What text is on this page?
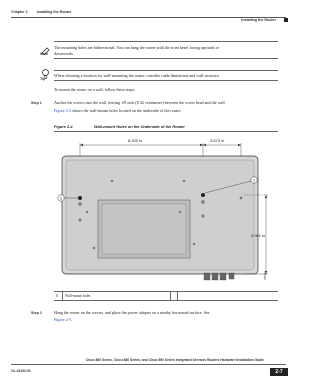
Chapter 2	Installing the Router
Installing the Router
Note
The mounting holes are bidirectional. You can hang the router with the front bezel facing upwards or
downwards.
Tip
When choosing a location for wall-mounting the router, consider cable limitations and wall structure.
To mount the router on a wall, follow these steps:
Step 1	Anchor the screws into the wall, leaving 1/8 inch (0.32 centimeter) between the screw head and the wall.
Figure 2-4 shows the wall-mount holes located on the underside of the router.
Figure 2-4	Wall-mount Holes on the Underside of the Router
8.200 in.	3.673 in.
1
1
5.961 in.
281987
1 Wall-mount holes
Step 2	Hang the router on the screws, and place the power adapter on a nearby horizontal surface. See
Figure 2-5.
Cisco 860 Series, Cisco 880 Series, and Cisco 890 Series Integrated Services Routers Hardware Installation Guide
OL-16193-03	2-7
